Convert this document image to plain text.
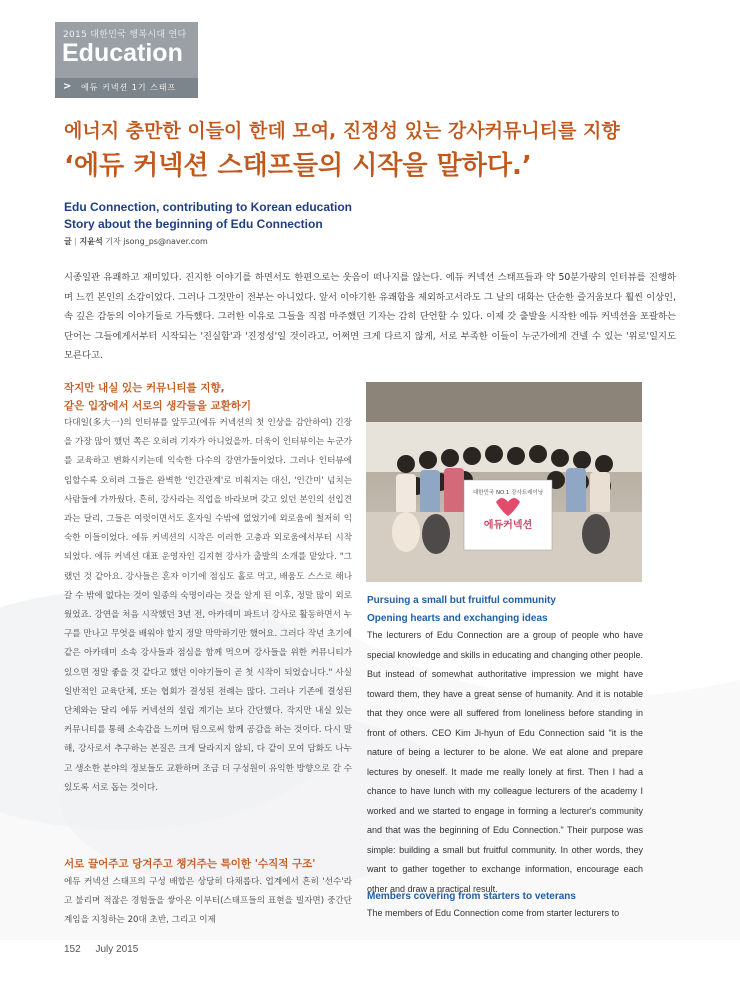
2015 대한민국 행복시대 연다
Education
> 에듀 커넥션 1기 스태프
에너지 충만한 이들이 한데 모여, 진정성 있는 강사커뮤니티를 지향
‘에듀 커넥션 스태프들의 시작을 말하다.’
Edu Connection, contributing to Korean education
Story about the beginning of Edu Connection
글 | 지윤석 기자 jsong_ps@naver.com
시종일관 유쾌하고 재미있다. 진지한 이야기를 하면서도 한편으로는 웃음이 떠나지를 않는다. 에듀 커넥션 스태프들과 약 50분가량의 인터뷰를 진행하며 느낀 본인의 소감이었다. 그러나 그것만이 전부는 아니었다. 앞서 이야기한 유쾌함을 제외하고서라도 그 날의 대화는 단순한 즐거움보다 훨씬 이상인, 속 깊은 감동의 이야기들로 가득했다. 그러한 이유로 그들을 직접 마주했던 기자는 감히 단언할 수 있다. 이제 갓 출발을 시작한 에듀 커넥션을 포괄하는 단어는 그들에게서부터 시작되는 '진실함'과 '진정성'일 것이라고, 어쩌면 크게 다르지 않게, 서로 부족한 이들이 누군가에게 건넬 수 있는 '위로'일지도 모른다고.
작지만 내실 있는 커뮤니티를 지향,
같은 입장에서 서로의 생각들을 교환하기
다대일(多大一)의 인터뷰를 앞두고(에듀 커넥션의 첫 인상을 감안하여) 긴장을 가장 많이 했던 쪽은 오히려 기자가 아니었을까. 더욱이 인터뷰이는 누군가를 교육하고 변화시키는데 익숙한 다수의 강연가들이었다. 그러나 인터뷰에 임할수록 오히려 그들은 완벽한 '인간관계'로 비춰지는 대신, '인간미' 넘치는 사람들에 가까웠다. 흔히, 강사라는 직업을 바라보며 갖고 있던 본인의 선입견과는 달리, 그들은 여럿이면서도 혼자일 수밖에 없었기에 외로움에 철저히 익숙한 이들이었다. 에듀 커넥션의 시작은 이러한 고충과 외로움에서부터 시작되었다. 에듀 커넥션 대표 운영자인 김지현 강사가 출발의 소개를 맡았다. "그랬던 것 같아요. 강사들은 혼자 이기에 점심도 홀로 먹고, 배움도 스스로 해나갈 수 밖에 없다는 것이 일종의 숙명이라는 것을 알게 된 이후, 정말 많이 외로웠었죠. 강연을 처음 시작했던 3년 전, 아카데미 파트너 강사로 활동하면서 누구를 만나고 무엇을 배워야 할지 정말 막막하기만 했어요. 그러다 작년 초기에 같은 아카데미 소속 강사들과 점심을 함께 먹으며 강사들을 위한 커뮤니티가 있으면 정말 좋을 것 같다고 했던 이야기들이 곧 첫 시작이 되었습니다." 사실 일반적인 교육단체, 또는 협회가 결성된 전례는 많다. 그러나 기존에 결성된 단체와는 달리 에듀 커넥션의 설립 계기는 보다 간단했다. 작지만 내실 있는 커뮤니티를 통해 소속감을 느끼며 팀으로써 함께 공감을 하는 것이다. 다시 말해, 강사로서 추구하는 본질은 크게 달라지지 않되, 다 같이 모여 담화도 나누고 생소한 분야의 정보들도 교환하며 조금 더 구성원이 유익한 방향으로 갈 수 있도록 서로 돕는 것이다.
서로 끌어주고 당겨주고 챙겨주는 특이한 '수직적 구조'
에듀 커넥션 스태프의 구성 배합은 상당히 다채롭다. 업계에서 흔히 '선수'라고 불리며 적잖은 경험들을 쌓아온 이부터(스태프들의 표현을 빌자면) 중간단계임을 지칭하는 20대 초반, 그리고 이제
대한민국 NO.1 강사트레이닝
에듀커넥션
Pursuing a small but fruitful community
Opening hearts and exchanging ideas
The lecturers of Edu Connection are a group of people who have special knowledge and skills in educating and changing other people. But instead of somewhat authoritative impression we might have toward them, they have a great sense of humanity. And it is notable that they once were all suffered from loneliness before standing in front of others. CEO Kim Ji-hyun of Edu Connection said "it is the nature of being a lecturer to be alone. We eat alone and prepare lectures by oneself. It made me really lonely at first. Then I had a chance to have lunch with my colleague lecturers of the academy I worked and we started to engage in forming a lecturer's community and that was the beginning of Edu Connection." Their purpose was simple: building a small but fruitful community. In other words, they want to gather together to exchange information, encourage each other and draw a practical result.
Members covering from starters to veterans
The members of Edu Connection come from starter lecturers to
152 July 2015
